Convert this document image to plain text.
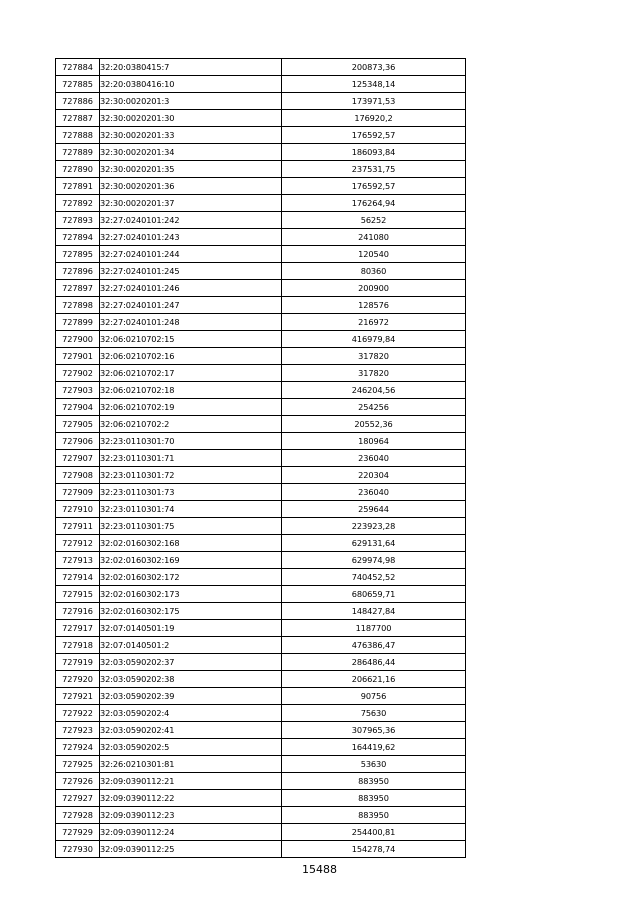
727884	32:20:0380415:7	200873,36
727885	32:20:0380416:10	125348,14
727886	32:30:0020201:3	173971,53
727887	32:30:0020201:30	176920,2
727888	32:30:0020201:33	176592,57
727889	32:30:0020201:34	186093,84
727890	32:30:0020201:35	237531,75
727891	32:30:0020201:36	176592,57
727892	32:30:0020201:37	176264,94
727893	32:27:0240101:242	56252
727894	32:27:0240101:243	241080
727895	32:27:0240101:244	120540
727896	32:27:0240101:245	80360
727897	32:27:0240101:246	200900
727898	32:27:0240101:247	128576
727899	32:27:0240101:248	216972
727900	32:06:0210702:15	416979,84
727901	32:06:0210702:16	317820
727902	32:06:0210702:17	317820
727903	32:06:0210702:18	246204,56
727904	32:06:0210702:19	254256
727905	32:06:0210702:2	20552,36
727906	32:23:0110301:70	180964
727907	32:23:0110301:71	236040
727908	32:23:0110301:72	220304
727909	32:23:0110301:73	236040
727910	32:23:0110301:74	259644
727911	32:23:0110301:75	223923,28
727912	32:02:0160302:168	629131,64
727913	32:02:0160302:169	629974,98
727914	32:02:0160302:172	740452,52
727915	32:02:0160302:173	680659,71
727916	32:02:0160302:175	148427,84
727917	32:07:0140501:19	1187700
727918	32:07:0140501:2	476386,47
727919	32:03:0590202:37	286486,44
727920	32:03:0590202:38	206621,16
727921	32:03:0590202:39	90756
727922	32:03:0590202:4	75630
727923	32:03:0590202:41	307965,36
727924	32:03:0590202:5	164419,62
727925	32:26:0210301:81	53630
727926	32:09:0390112:21	883950
727927	32:09:0390112:22	883950
727928	32:09:0390112:23	883950
727929	32:09:0390112:24	254400,81
727930	32:09:0390112:25	154278,74
15488
